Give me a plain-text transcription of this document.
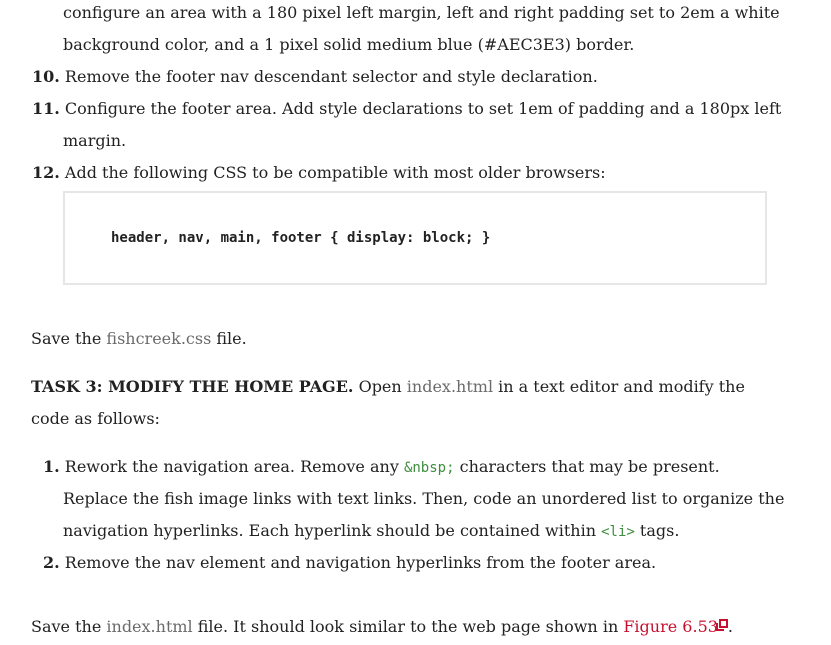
configure an area with a 180 pixel left margin, left and right padding set to 2em a white
background color, and a 1 pixel solid medium blue (#AEC3E3) border.
10. Remove the footer nav descendant selector and style declaration.
11. Configure the footer area. Add style declarations to set 1em of padding and a 180px left
margin.
12. Add the following CSS to be compatible with most older browsers:
header, nav, main, footer { display: block; }
Save the fishcreek.css file.
TASK 3: MODIFY THE HOME PAGE. Open index.html in a text editor and modify the
code as follows:
1. Rework the navigation area. Remove any &nbsp; characters that may be present.
Replace the fish image links with text links. Then, code an unordered list to organize the
navigation hyperlinks. Each hyperlink should be contained within <li> tags.
2. Remove the nav element and navigation hyperlinks from the footer area.
Save the index.html file. It should look similar to the web page shown in Figure 6.53 .
